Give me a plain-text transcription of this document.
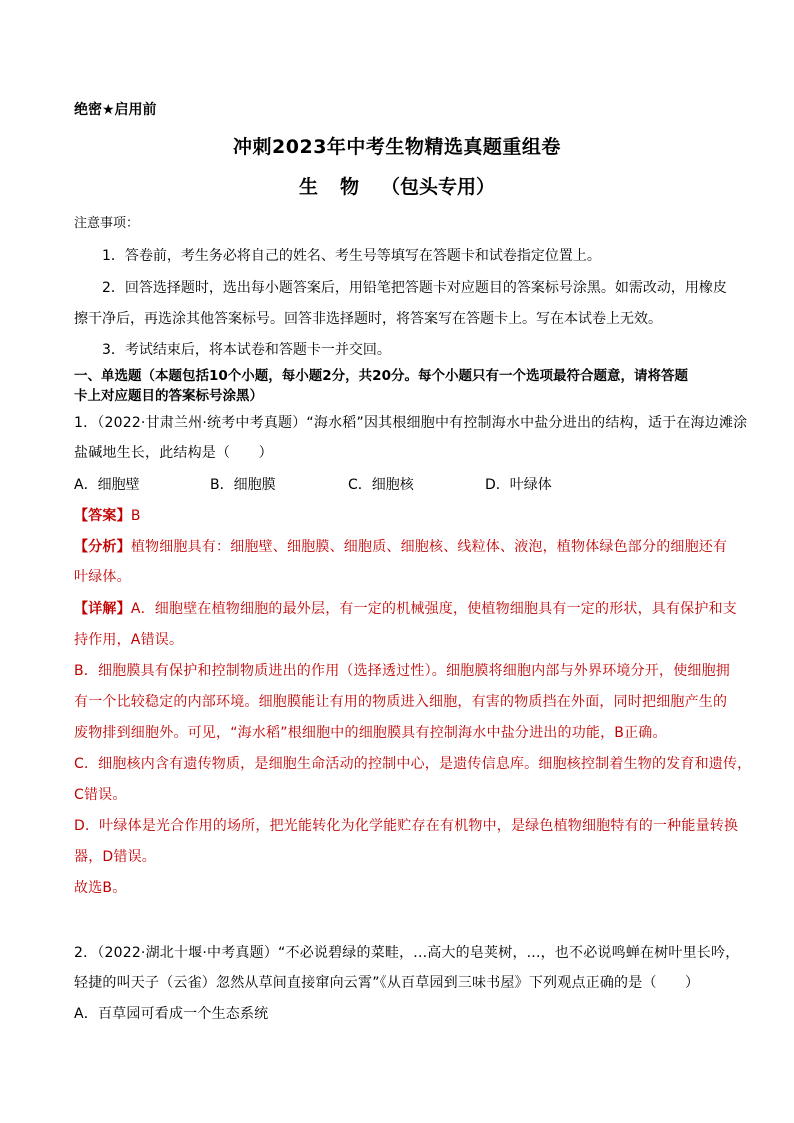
绝密★启用前
冲刺2023年中考生物精选真题重组卷
生 物 （包头专用）
注意事项：
1．答卷前，考生务必将自己的姓名、考生号等填写在答题卡和试卷指定位置上。
2．回答选择题时，选出每小题答案后，用铅笔把答题卡对应题目的答案标号涂黑。如需改动，用橡皮
擦干净后，再选涂其他答案标号。回答非选择题时，将答案写在答题卡上。写在本试卷上无效。
3．考试结束后，将本试卷和答题卡一并交回。
一、单选题（本题包括10个小题，每小题2分，共20分。每个小题只有一个选项最符合题意，请将答题
卡上对应题目的答案标号涂黑）
1．（2022·甘肃兰州·统考中考真题）“海水稻”因其根细胞中有控制海水中盐分进出的结构，适于在海边滩涂
盐碱地生长，此结构是（　　）
A．细胞壁	B．细胞膜	C．细胞核	D．叶绿体
【答案】B
【分析】植物细胞具有：细胞壁、细胞膜、细胞质、细胞核、线粒体、液泡，植物体绿色部分的细胞还有
叶绿体。
【详解】A．细胞壁在植物细胞的最外层，有一定的机械强度，使植物细胞具有一定的形状，具有保护和支
持作用，A错误。
B．细胞膜具有保护和控制物质进出的作用（选择透过性）。细胞膜将细胞内部与外界环境分开，使细胞拥
有一个比较稳定的内部环境。细胞膜能让有用的物质进入细胞，有害的物质挡在外面，同时把细胞产生的
废物排到细胞外。可见，“海水稻”根细胞中的细胞膜具有控制海水中盐分进出的功能，B正确。
C．细胞核内含有遗传物质，是细胞生命活动的控制中心，是遗传信息库。细胞核控制着生物的发育和遗传，
C错误。
D．叶绿体是光合作用的场所，把光能转化为化学能贮存在有机物中，是绿色植物细胞特有的一种能量转换
器，D错误。
故选B。
2．（2022·湖北十堰·中考真题）“不必说碧绿的菜畦，...高大的皂荚树，...，也不必说鸣蝉在树叶里长吟，
轻捷的叫天子（云雀）忽然从草间直接窜向云霄”《从百草园到三味书屋》下列观点正确的是（　　）
A．百草园可看成一个生态系统
